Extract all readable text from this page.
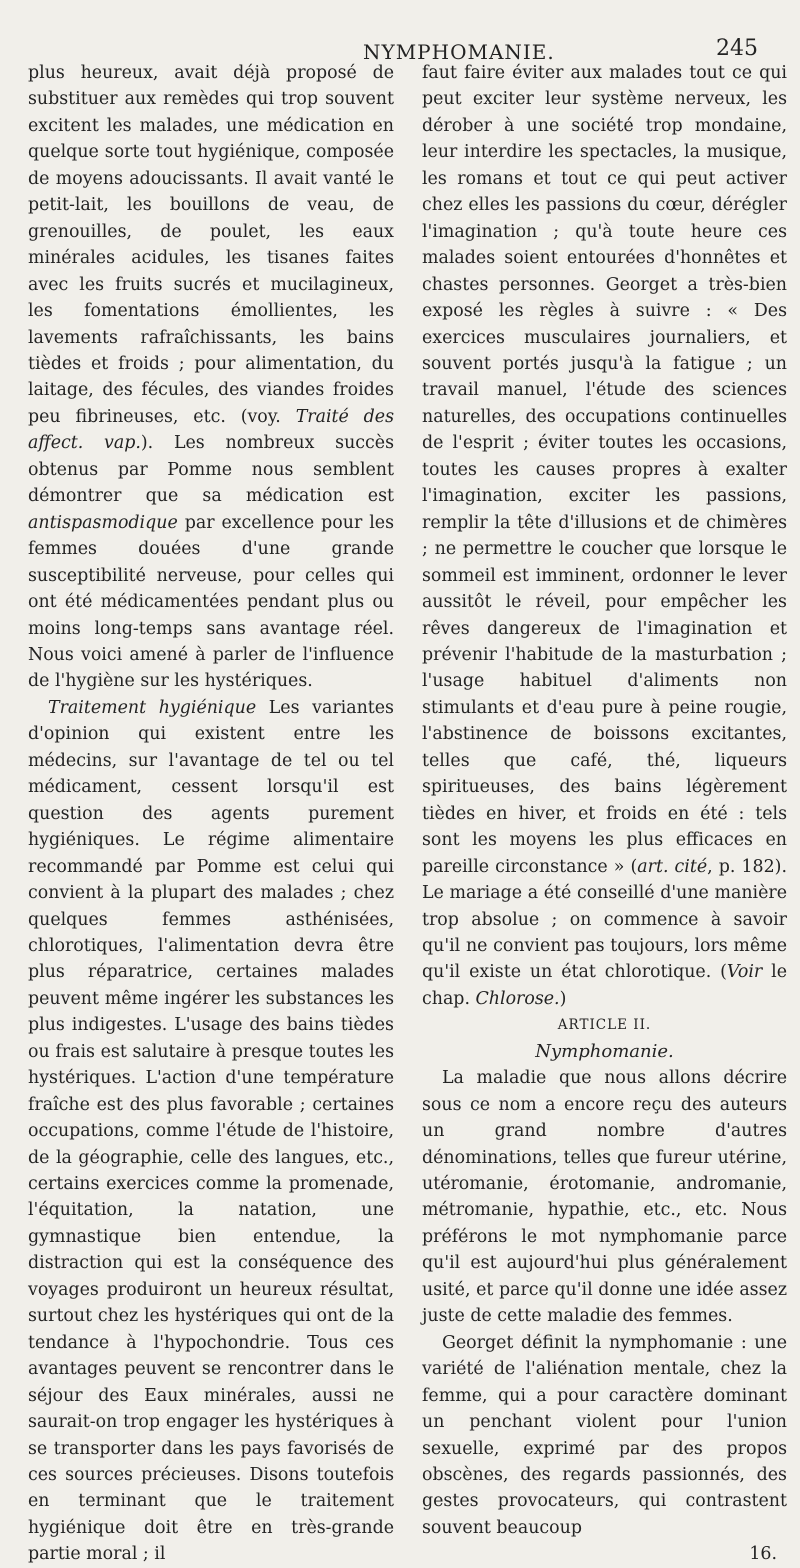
NYMPHOMANIE.	245

plus heureux, avait déjà proposé de substituer aux remèdes qui trop souvent excitent les malades, une médication en quelque sorte tout hygiénique, composée de moyens adoucissants. Il avait vanté le petit-lait, les bouillons de veau, de grenouilles, de poulet, les eaux minérales acidules, les tisanes faites avec les fruits sucrés et mucilagineux, les fomentations émollientes, les lavements rafraîchissants, les bains tièdes et froids ; pour alimentation, du laitage, des fécules, des viandes froides peu fibrineuses, etc. (voy. Traité des affect. vap.). Les nombreux succès obtenus par Pomme nous semblent démontrer que sa médication est antispasmodique par excellence pour les femmes douées d'une grande susceptibilité nerveuse, pour celles qui ont été médicamentées pendant plus ou moins long-temps sans avantage réel. Nous voici amené à parler de l'influence de l'hygiène sur les hystériques.

Traitement hygiénique Les variantes d'opinion qui existent entre les médecins, sur l'avantage de tel ou tel médicament, cessent lorsqu'il est question des agents purement hygiéniques. Le régime alimentaire recommandé par Pomme est celui qui convient à la plupart des malades ; chez quelques femmes asthénisées, chlorotiques, l'alimentation devra être plus réparatrice, certaines malades peuvent même ingérer les substances les plus indigestes. L'usage des bains tièdes ou frais est salutaire à presque toutes les hystériques. L'action d'une température fraîche est des plus favorable ; certaines occupations, comme l'étude de l'histoire, de la géographie, celle des langues, etc., certains exercices comme la promenade, l'équitation, la natation, une gymnastique bien entendue, la distraction qui est la conséquence des voyages produiront un heureux résultat, surtout chez les hystériques qui ont de la tendance à l'hypochondrie. Tous ces avantages peuvent se rencontrer dans le séjour des Eaux minérales, aussi ne saurait-on trop engager les hystériques à se transporter dans les pays favorisés de ces sources précieuses. Disons toutefois en terminant que le traitement hygiénique doit être en très-grande partie moral ; il

faut faire éviter aux malades tout ce qui peut exciter leur système nerveux, les dérober à une société trop mondaine, leur interdire les spectacles, la musique, les romans et tout ce qui peut activer chez elles les passions du cœur, dérégler l'imagination ; qu'à toute heure ces malades soient entourées d'honnêtes et chastes personnes. Georget a très-bien exposé les règles à suivre : « Des exercices musculaires journaliers, et souvent portés jusqu'à la fatigue ; un travail manuel, l'étude des sciences naturelles, des occupations continuelles de l'esprit ; éviter toutes les occasions, toutes les causes propres à exalter l'imagination, exciter les passions, remplir la tête d'illusions et de chimères ; ne permettre le coucher que lorsque le sommeil est imminent, ordonner le lever aussitôt le réveil, pour empêcher les rêves dangereux de l'imagination et prévenir l'habitude de la masturbation ; l'usage habituel d'aliments non stimulants et d'eau pure à peine rougie, l'abstinence de boissons excitantes, telles que café, thé, liqueurs spiritueuses, des bains légèrement tièdes en hiver, et froids en été : tels sont les moyens les plus efficaces en pareille circonstance » (art. cité, p. 182). Le mariage a été conseillé d'une manière trop absolue ; on commence à savoir qu'il ne convient pas toujours, lors même qu'il existe un état chlorotique. (Voir le chap. Chlorose.)

ARTICLE II.

Nymphomanie.

La maladie que nous allons décrire sous ce nom a encore reçu des auteurs un grand nombre d'autres dénominations, telles que fureur utérine, utéromanie, érotomanie, andromanie, métromanie, hypathie, etc., etc. Nous préférons le mot nymphomanie parce qu'il est aujourd'hui plus généralement usité, et parce qu'il donne une idée assez juste de cette maladie des femmes.

Georget définit la nymphomanie : une variété de l'aliénation mentale, chez la femme, qui a pour caractère dominant un penchant violent pour l'union sexuelle, exprimé par des propos obscènes, des regards passionnés, des gestes provocateurs, qui contrastent souvent beaucoup

16.
